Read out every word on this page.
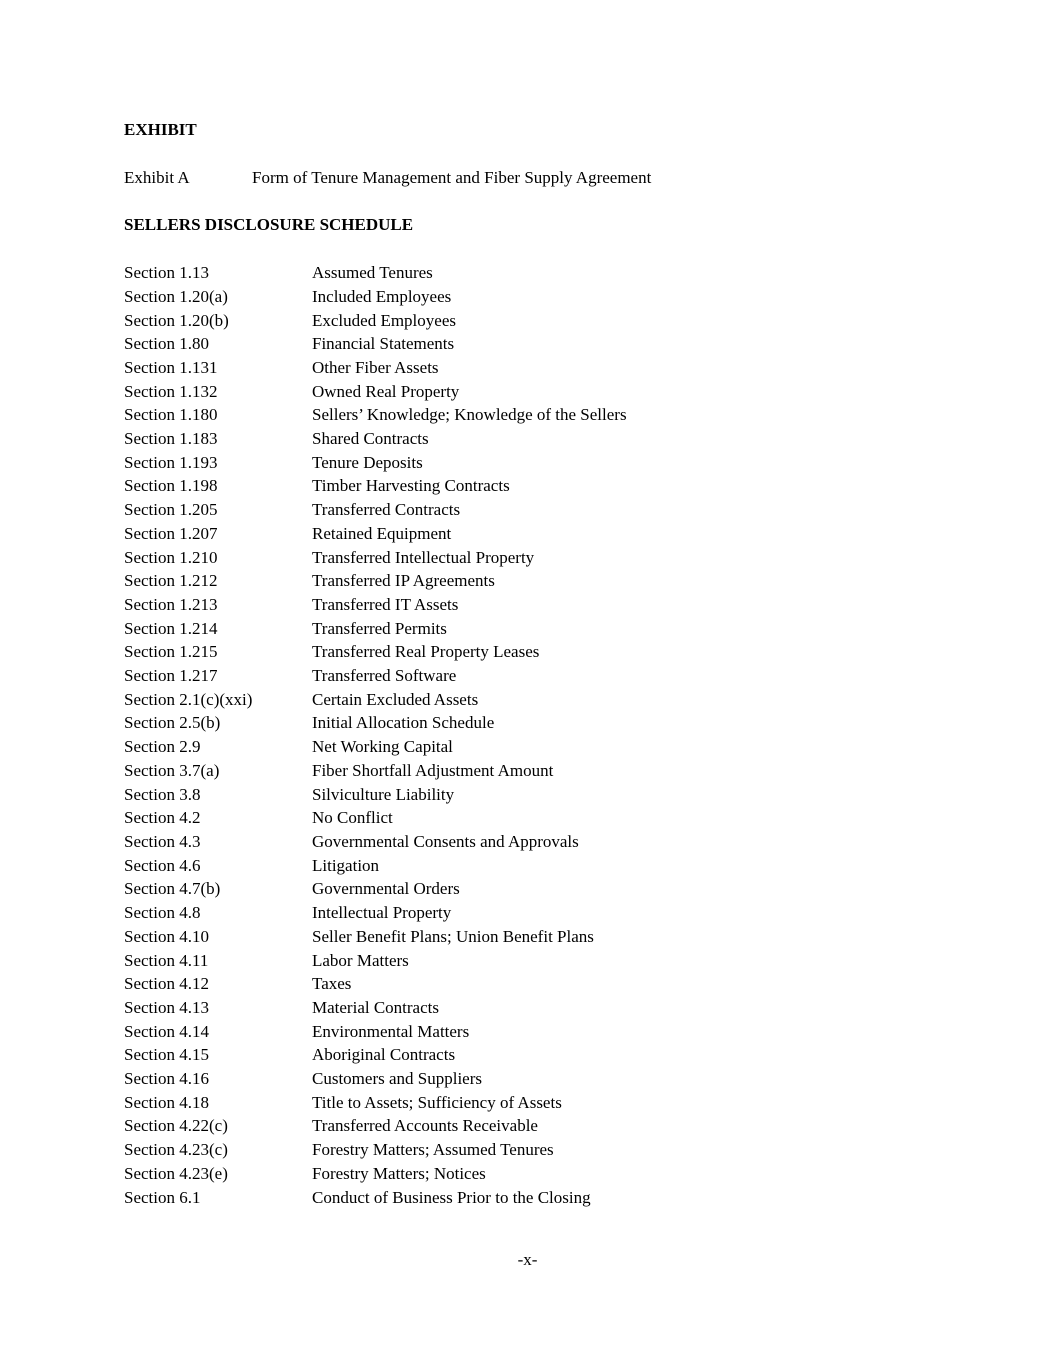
EXHIBIT

Exhibit A	Form of Tenure Management and Fiber Supply Agreement

SELLERS DISCLOSURE SCHEDULE

Section 1.13	Assumed Tenures
Section 1.20(a)	Included Employees
Section 1.20(b)	Excluded Employees
Section 1.80	Financial Statements
Section 1.131	Other Fiber Assets
Section 1.132	Owned Real Property
Section 1.180	Sellers’ Knowledge; Knowledge of the Sellers
Section 1.183	Shared Contracts
Section 1.193	Tenure Deposits
Section 1.198	Timber Harvesting Contracts
Section 1.205	Transferred Contracts
Section 1.207	Retained Equipment
Section 1.210	Transferred Intellectual Property
Section 1.212	Transferred IP Agreements
Section 1.213	Transferred IT Assets
Section 1.214	Transferred Permits
Section 1.215	Transferred Real Property Leases
Section 1.217	Transferred Software
Section 2.1(c)(xxi)	Certain Excluded Assets
Section 2.5(b)	Initial Allocation Schedule
Section 2.9	Net Working Capital
Section 3.7(a)	Fiber Shortfall Adjustment Amount
Section 3.8	Silviculture Liability
Section 4.2	No Conflict
Section 4.3	Governmental Consents and Approvals
Section 4.6	Litigation
Section 4.7(b)	Governmental Orders
Section 4.8	Intellectual Property
Section 4.10	Seller Benefit Plans; Union Benefit Plans
Section 4.11	Labor Matters
Section 4.12	Taxes
Section 4.13	Material Contracts
Section 4.14	Environmental Matters
Section 4.15	Aboriginal Contracts
Section 4.16	Customers and Suppliers
Section 4.18	Title to Assets; Sufficiency of Assets
Section 4.22(c)	Transferred Accounts Receivable
Section 4.23(c)	Forestry Matters; Assumed Tenures
Section 4.23(e)	Forestry Matters; Notices
Section 6.1	Conduct of Business Prior to the Closing
-x-
